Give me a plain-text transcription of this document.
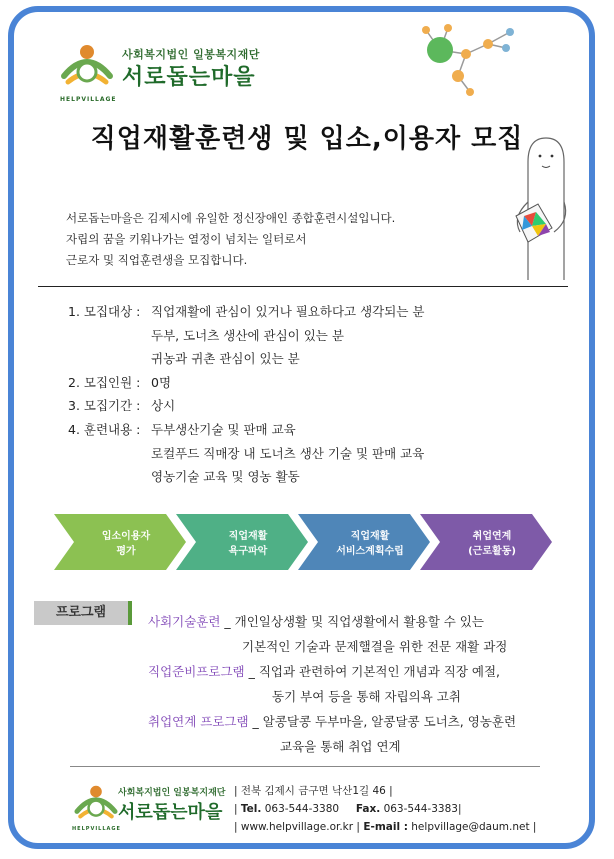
사회복지법인 일봉복지재단
서로돕는마을
HELPVILLAGE
직업재활훈련생 및 입소,이용자 모집
서로돕는마을은 김제시에 유일한 정신장애인 종합훈련시설입니다.
자립의 꿈을 키워나가는 열정이 넘치는 일터로서
근로자 및 직업훈련생을 모집합니다.
1. 모집대상 : 직업재활에 관심이 있거나 필요하다고 생각되는 분
두부, 도너츠 생산에 관심이 있는 분
귀농과 귀촌 관심이 있는 분
2. 모집인원 : 0명
3. 모집기간 : 상시
4. 훈련내용 : 두부생산기술 및 판매 교육
로컬푸드 직매장 내 도너츠 생산 기술 및 판매 교육
영농기술 교육 및 영농 활동
입소이용자
평가
직업재활
욕구파악
직업재활
서비스계획수립
취업연계
(근로활동)
프로그램
사회기술훈련 _ 개인일상생활 및 직업생활에서 활용할 수 있는
기본적인 기술과 문제핼결을 위한 전문 재활 과정
직업준비프로그램 _ 직업과 관련하여 기본적인 개념과 직장 예절,
동기 부여 등을 통해 자립의욕 고취
취업연계 프로그램 _ 알콩달콩 두부마을, 알콩달콩 도너츠, 영농훈련
교육을 통해 취업 연계
사회복지법인 일봉복지재단
서로돕는마을
HELPVILLAGE
| 전북 김제시 금구면 낙산1길 46 |
| Tel. 063-544-3380 Fax. 063-544-3383|
| www.helpvillage.or.kr | E-mail : helpvillage@daum.net |
